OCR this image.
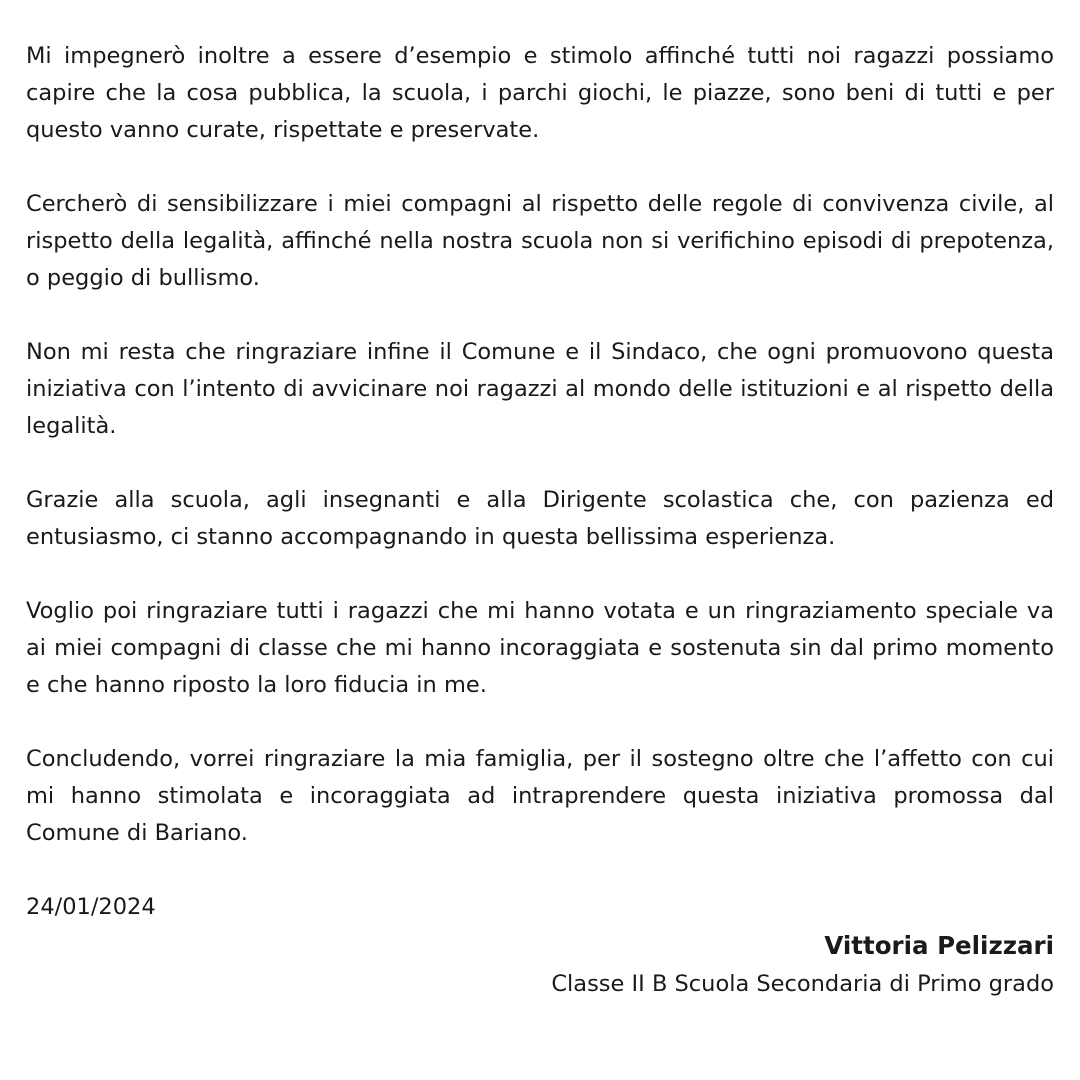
Mi impegnerò inoltre a essere d’esempio e stimolo affinché tutti noi ragazzi possiamo capire che la cosa pubblica, la scuola, i parchi giochi, le piazze, sono beni di tutti e per questo vanno curate, rispettate e preservate.

Cercherò di sensibilizzare i miei compagni al rispetto delle regole di convivenza civile, al rispetto della legalità, affinché nella nostra scuola non si verifichino episodi di prepotenza, o peggio di bullismo.

Non mi resta che ringraziare infine il Comune e il Sindaco, che ogni promuovono questa iniziativa con l’intento di avvicinare noi ragazzi al mondo delle istituzioni e al rispetto della legalità.

Grazie alla scuola, agli insegnanti e alla Dirigente scolastica che, con pazienza ed entusiasmo, ci stanno accompagnando in questa bellissima esperienza.

Voglio poi ringraziare tutti i ragazzi che mi hanno votata e un ringraziamento speciale va ai miei compagni di classe che mi hanno incoraggiata e sostenuta sin dal primo momento e che hanno riposto la loro fiducia in me.

Concludendo, vorrei ringraziare la mia famiglia, per il sostegno oltre che l’affetto con cui mi hanno stimolata e incoraggiata ad intraprendere questa iniziativa promossa dal Comune di Bariano.

24/01/2024

Vittoria Pelizzari
Classe II B Scuola Secondaria di Primo grado
